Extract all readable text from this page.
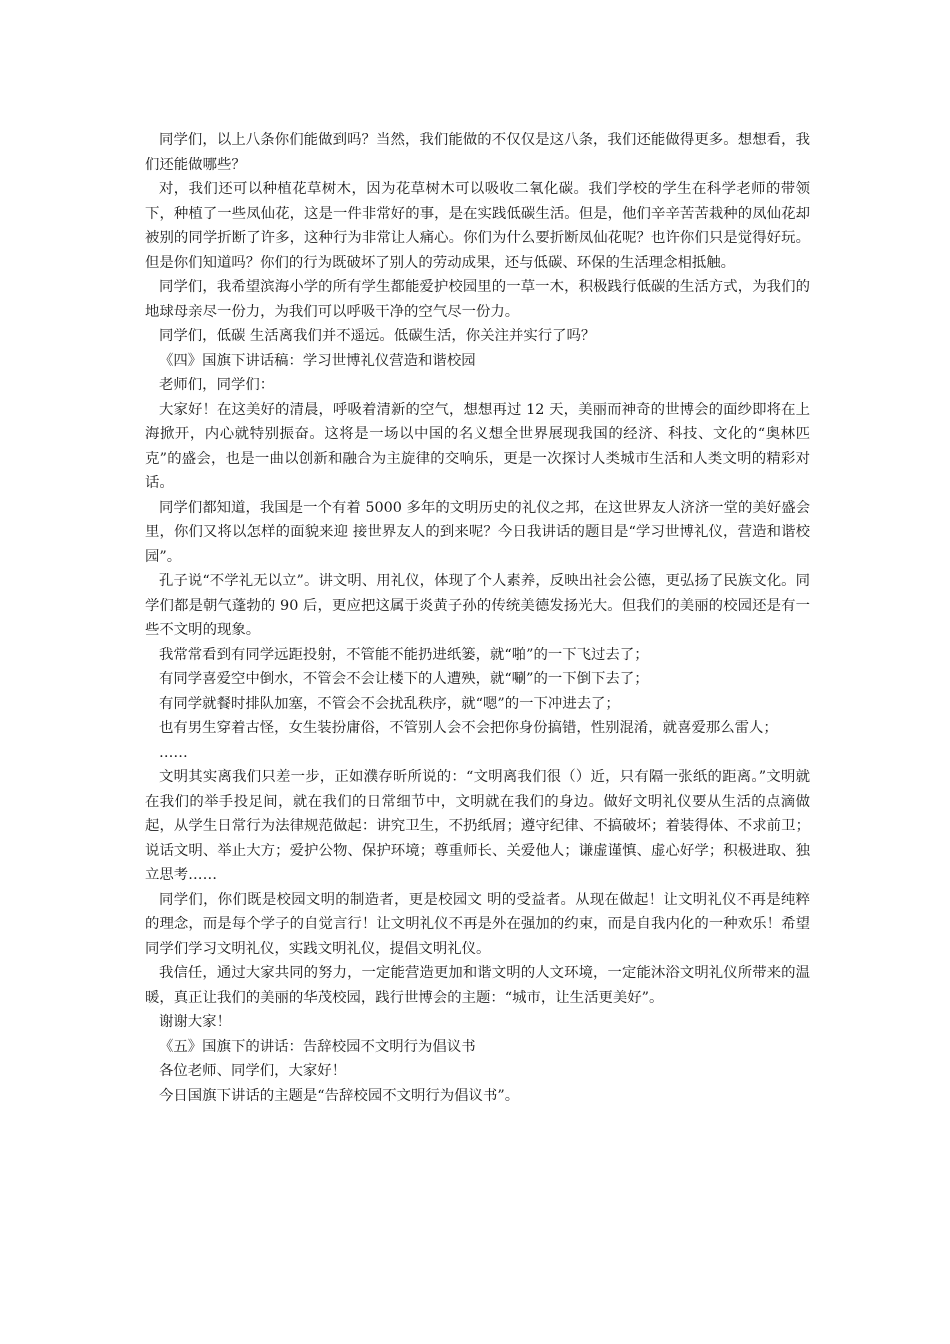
同学们，以上八条你们能做到吗？当然，我们能做的不仅仅是这八条，我们还能做得更多。想想看，我们还能做哪些？

对，我们还可以种植花草树木，因为花草树木可以吸收二氧化碳。我们学校的学生在科学老师的带领下，种植了一些凤仙花，这是一件非常好的事，是在实践低碳生活。但是，他们辛辛苦苦栽种的凤仙花却被别的同学折断了许多，这种行为非常让人痛心。你们为什么要折断凤仙花呢？也许你们只是觉得好玩。但是你们知道吗？你们的行为既破坏了别人的劳动成果，还与低碳、环保的生活理念相抵触。

同学们，我希望滨海小学的所有学生都能爱护校园里的一草一木，积极践行低碳的生活方式，为我们的地球母亲尽一份力，为我们可以呼吸干净的空气尽一份力。

同学们，低碳 生活离我们并不遥远。低碳生活，你关注并实行了吗？

《四》国旗下讲话稿：学习世博礼仪营造和谐校园

老师们，同学们：

大家好！在这美好的清晨，呼吸着清新的空气，想想再过 12 天，美丽而神奇的世博会的面纱即将在上海掀开，内心就特别振奋。这将是一场以中国的名义想全世界展现我国的经济、科技、文化的“奥林匹克”的盛会，也是一曲以创新和融合为主旋律的交响乐，更是一次探讨人类城市生活和人类文明的精彩对话。

同学们都知道，我国是一个有着 5000 多年的文明历史的礼仪之邦，在这世界友人济济一堂的美好盛会里，你们又将以怎样的面貌来迎 接世界友人的到来呢？今日我讲话的题目是“学习世博礼仪，营造和谐校园”。

孔子说“不学礼无以立”。讲文明、用礼仪，体现了个人素养，反映出社会公德，更弘扬了民族文化。同学们都是朝气蓬勃的 90 后，更应把这属于炎黄子孙的传统美德发扬光大。但我们的美丽的校园还是有一些不文明的现象。

我常常看到有同学远距投射，不管能不能扔进纸篓，就“啪”的一下飞过去了；

有同学喜爱空中倒水，不管会不会让楼下的人遭殃，就“唰”的一下倒下去了；

有同学就餐时排队加塞，不管会不会扰乱秩序，就“嗯”的一下冲进去了；

也有男生穿着古怪，女生装扮庸俗，不管别人会不会把你身份搞错，性别混淆，就喜爱那么雷人；

……

文明其实离我们只差一步，正如濮存昕所说的：“文明离我们很（）近，只有隔一张纸的距离。”文明就在我们的举手投足间，就在我们的日常细节中，文明就在我们的身边。做好文明礼仪要从生活的点滴做起，从学生日常行为法律规范做起：讲究卫生，不扔纸屑；遵守纪律、不搞破坏；着装得体、不求前卫；说话文明、举止大方；爱护公物、保护环境；尊重师长、关爱他人；谦虚谨慎、虚心好学；积极进取、独立思考……

同学们，你们既是校园文明的制造者，更是校园文 明的受益者。从现在做起！让文明礼仪不再是纯粹的理念，而是每个学子的自觉言行！让文明礼仪不再是外在强加的约束，而是自我内化的一种欢乐！希望同学们学习文明礼仪，实践文明礼仪，提倡文明礼仪。

我信任，通过大家共同的努力，一定能营造更加和谐文明的人文环境，一定能沐浴文明礼仪所带来的温暖，真正让我们的美丽的华茂校园，践行世博会的主题：“城市，让生活更美好”。

谢谢大家！

《五》国旗下的讲话：告辞校园不文明行为倡议书

各位老师、同学们，大家好！

今日国旗下讲话的主题是“告辞校园不文明行为倡议书”。
